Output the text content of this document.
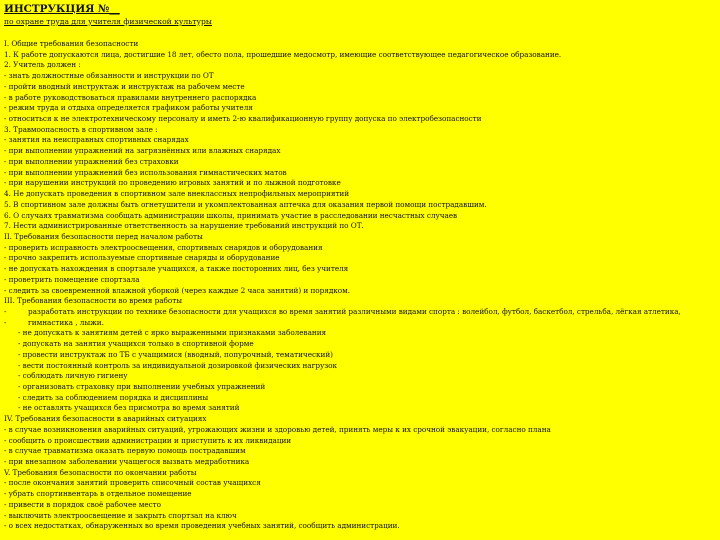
ИНСТРУКЦИЯ №__
по охране труда для учителя физической культуры
I. Общие требования безопасности
1. К работе допускаются лица, достигшие 18 лет, обесто пола, прошедшие медосмотр, имеющие соответствующее педагогическое образование.
2. Учитель должен :
- знать должностные обязанности и инструкции по ОТ
- пройти вводный инструктаж и инструктаж на рабочем месте
- в работе руководствоваться правилами внутреннего распорядка
- режим труда и отдыха определяется графиком работы учителя
- относиться к не электротехническому персоналу и иметь 2-ю квалификационную группу допуска по электробезопасности
3. Травмоопасность в спортивном зале :
- занятия на неисправных спортивных снарядах
- при выполнении упражнений на загрязнённых или влажных снарядах
- при выполнении упражнений без страховки
- при выполнении упражнений без использования гимнастических матов
- при нарушении инструкций по проведению игровых занятий и по лыжной подготовке
4. Не допускать проведения в спортивном зале внеклассных непрофильных мероприятий
5. В спортивном зале должны быть огнетушители и укомплектованная аптечка для оказания первой помощи пострадавшим.
6. О случаях травматизма сообщать администрации школы, принимать участие в расследовании несчастных случаев
7. Нести администрированные ответственность за нарушение требований инструкций по ОТ.
II. Требования безопасности перед началом работы
- проверить исправность электроосвещения, спортивных снарядов и оборудования
- прочно закрепить используемые спортивные снаряды и оборудование
- не допускать нахождения в спортзале учащихся, а также посторонних лиц, без учителя
- проветрить помещение спортзала
- следить за своевременной влажной уборкой (через каждые 2 часа занятий) и порядком.
III. Требования безопасности во время работы
-	разработать инструкции по технике безопасности для учащихся во время занятий различными видами спорта : волейбол, футбол, баскетбол, стрельба, лёгкая атлетика,
-	гимнастика , лыжи.
- не допускать к занятиям детей с ярко выраженными признаками заболевания
- допускать на занятия учащихся только в спортивной форме
- провести инструктаж по ТБ с учащимися (вводный, попурочный, тематический)
- вести постоянный контроль за индивидуальной дозировкой физических нагрузок
- соблюдать личную гигиену
- организовать страховку при выполнении учебных упражнений
- следить за соблюдением порядка и дисциплины
- не оставлять учащихся без присмотра во время занятий
IV. Требования безопасности в аварийных ситуациях
- в случае возникновения аварийных ситуаций, угрожающих жизни и здоровью детей, принять меры к их срочной эвакуации, согласно плана
- сообщить о происшествии администрации и приступить к их ликвидации
- в случае травматизма оказать первую помощь пострадавшим
- при внезапном заболевании учащегося вызвать медработника
V. Требования безопасности по окончании работы
- после окончания занятий проверить списочный состав учащихся
- убрать спортинвентарь в отдельное помещение
- привести в порядок своё рабочее место
- выключить электроосвещение и закрыть спортзал на ключ
- о всех недостатках, обнаруженных во время проведения учебных занятий, сообщить администрации.
